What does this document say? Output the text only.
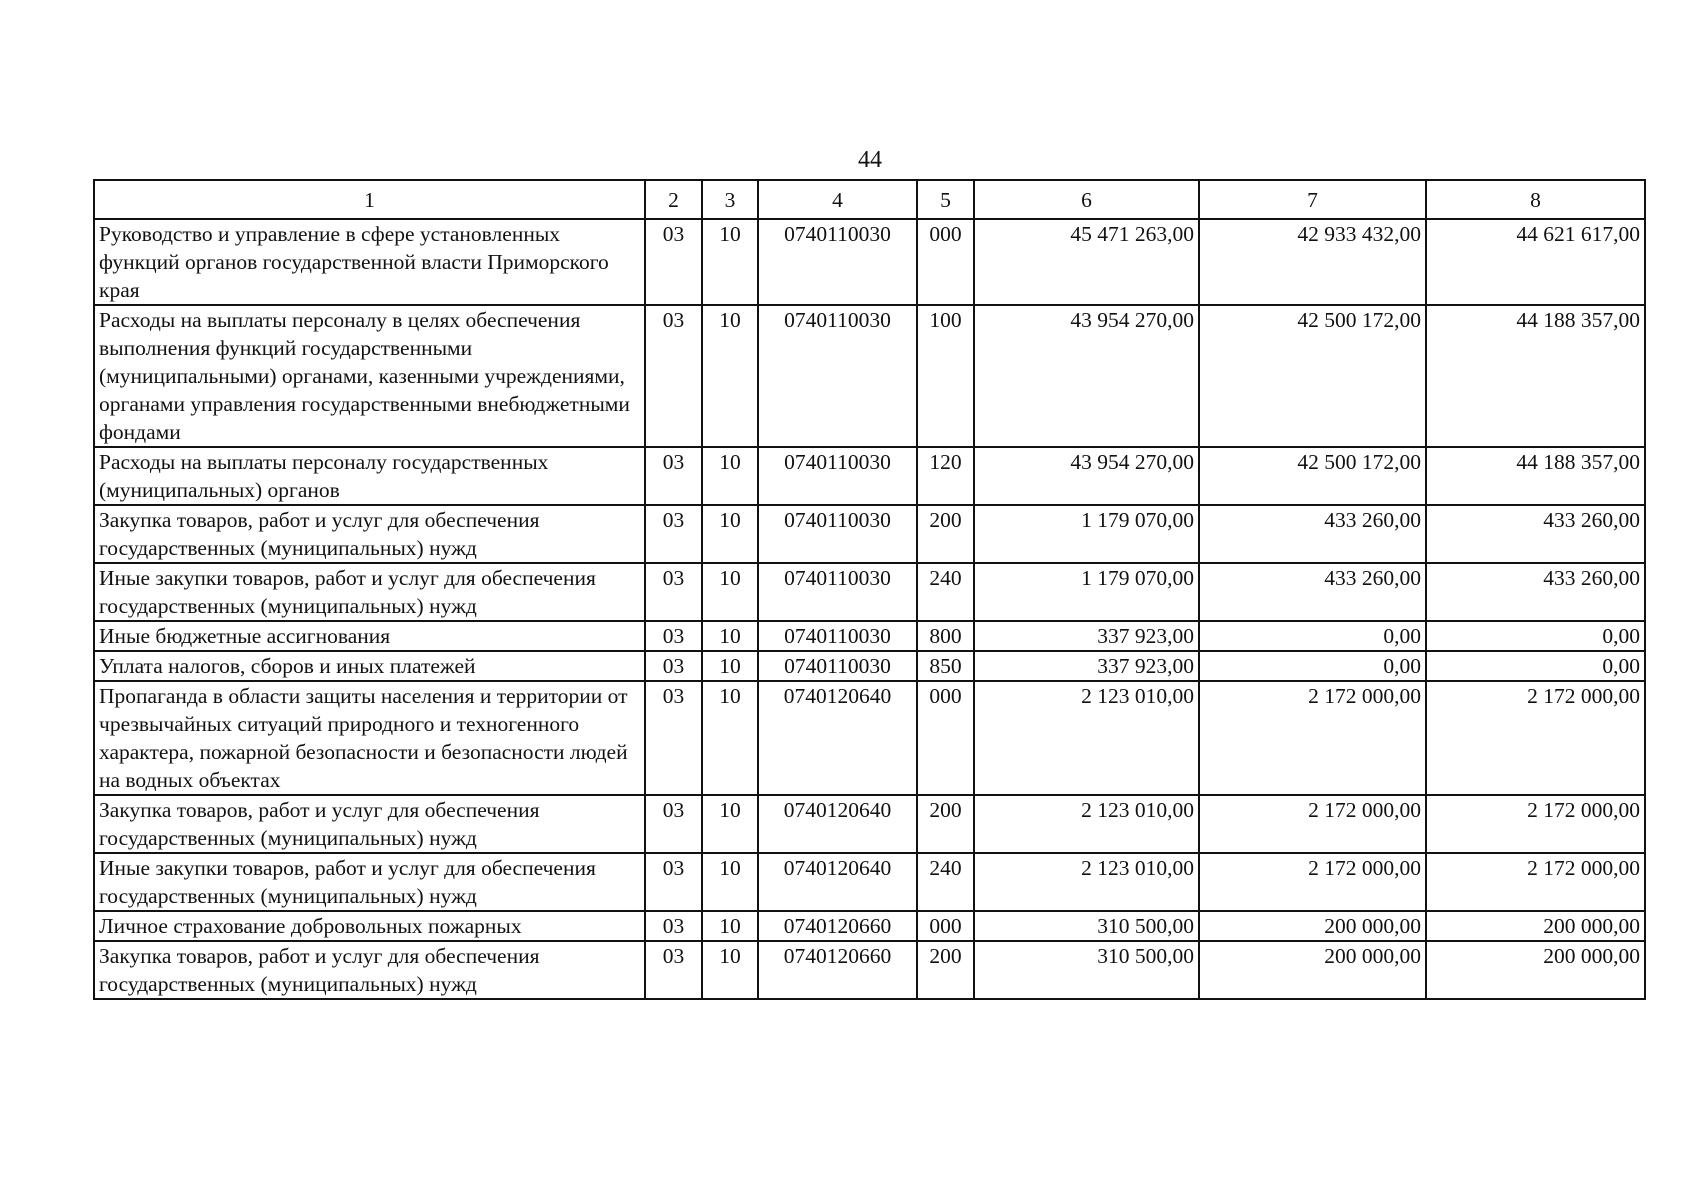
44
1	2	3	4	5	6	7	8
Руководство и управление в сфере установленных функций органов государственной власти Приморского края	03	10	0740110030	000	45 471 263,00	42 933 432,00	44 621 617,00
Расходы на выплаты персоналу в целях обеспечения выполнения функций государственными (муниципальными) органами, казенными учреждениями, органами управления государственными внебюджетными фондами	03	10	0740110030	100	43 954 270,00	42 500 172,00	44 188 357,00
Расходы на выплаты персоналу государственных (муниципальных) органов	03	10	0740110030	120	43 954 270,00	42 500 172,00	44 188 357,00
Закупка товаров, работ и услуг для обеспечения государственных (муниципальных) нужд	03	10	0740110030	200	1 179 070,00	433 260,00	433 260,00
Иные закупки товаров, работ и услуг для обеспечения государственных (муниципальных) нужд	03	10	0740110030	240	1 179 070,00	433 260,00	433 260,00
Иные бюджетные ассигнования	03	10	0740110030	800	337 923,00	0,00	0,00
Уплата налогов, сборов и иных платежей	03	10	0740110030	850	337 923,00	0,00	0,00
Пропаганда в области защиты населения и территории от чрезвычайных ситуаций природного и техногенного характера, пожарной безопасности и безопасности людей на водных объектах	03	10	0740120640	000	2 123 010,00	2 172 000,00	2 172 000,00
Закупка товаров, работ и услуг для обеспечения государственных (муниципальных) нужд	03	10	0740120640	200	2 123 010,00	2 172 000,00	2 172 000,00
Иные закупки товаров, работ и услуг для обеспечения государственных (муниципальных) нужд	03	10	0740120640	240	2 123 010,00	2 172 000,00	2 172 000,00
Личное страхование добровольных пожарных	03	10	0740120660	000	310 500,00	200 000,00	200 000,00
Закупка товаров, работ и услуг для обеспечения государственных (муниципальных) нужд	03	10	0740120660	200	310 500,00	200 000,00	200 000,00
